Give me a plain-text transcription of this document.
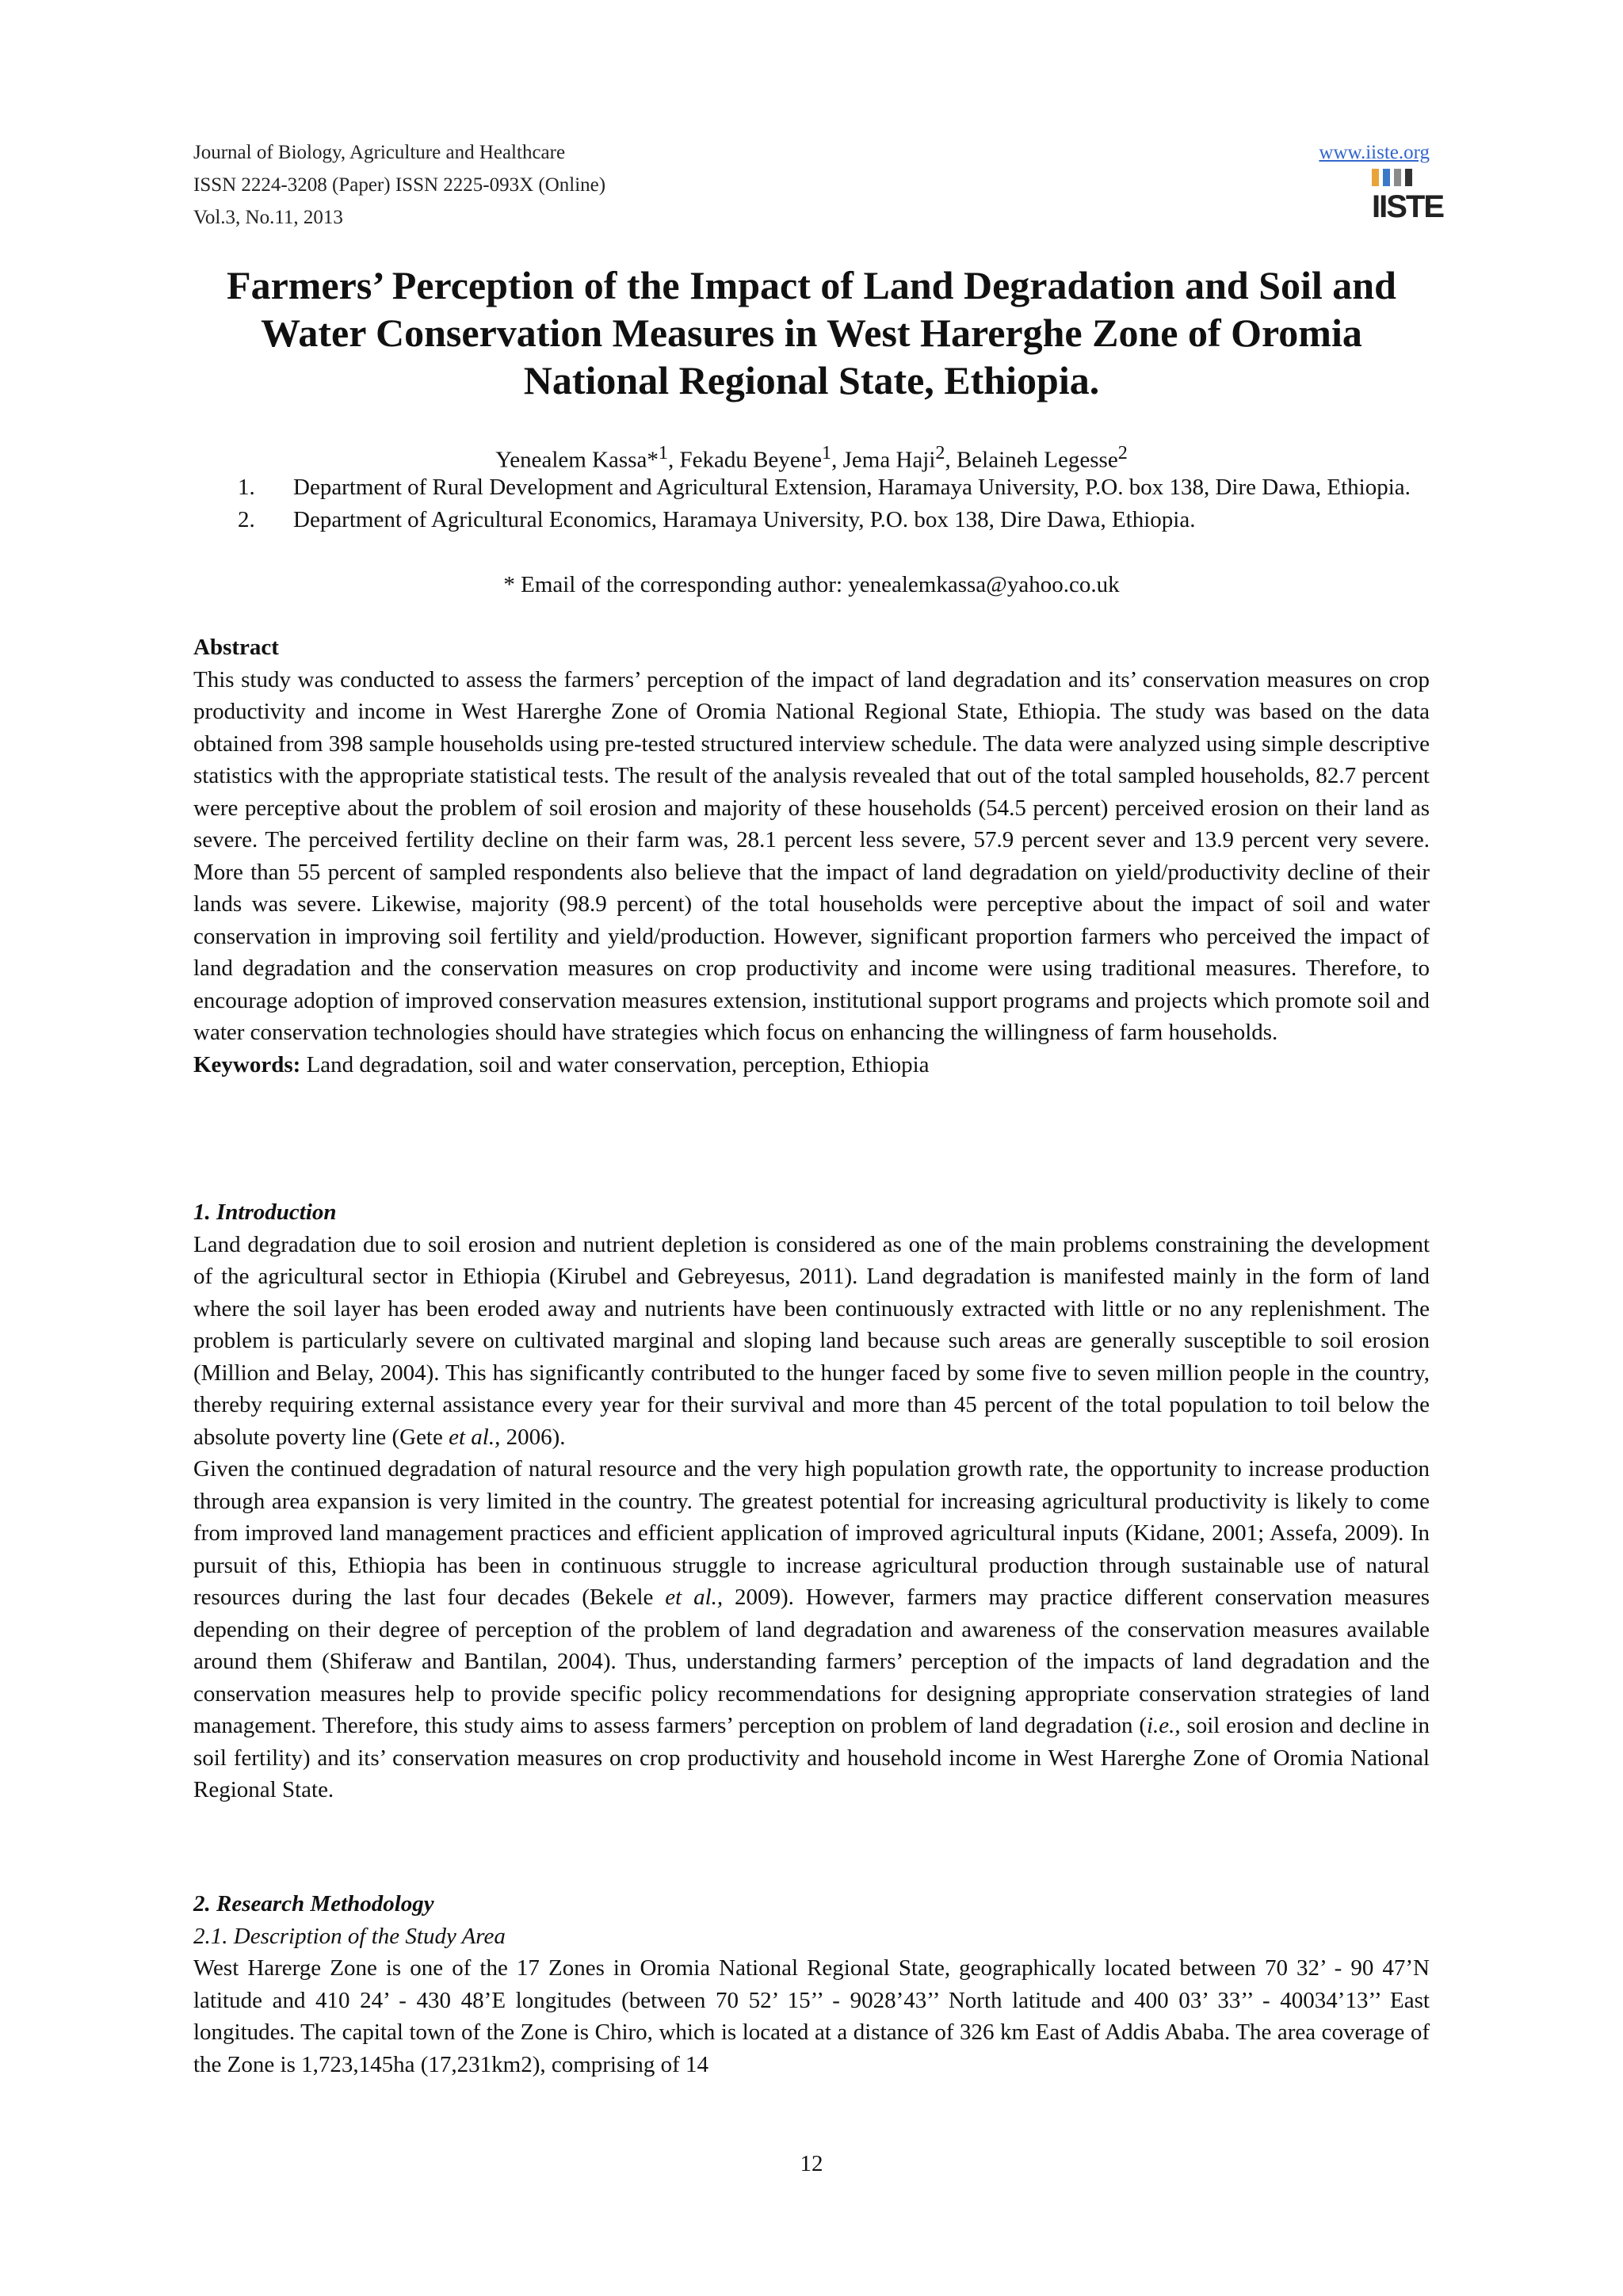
Journal of Biology, Agriculture and Healthcare
ISSN 2224-3208 (Paper) ISSN 2225-093X (Online)
Vol.3, No.11, 2013
www.iiste.org
IISTE
Farmers’ Perception of the Impact of Land Degradation and Soil and Water Conservation Measures in West Harerghe Zone of Oromia National Regional State, Ethiopia.
Yenealem Kassa*$^1$, Fekadu Beyene$^1$, Jema Haji$^2$, Belaineh Legesse$^2$
1.	Department of Rural Development and Agricultural Extension, Haramaya University, P.O. box 138, Dire Dawa, Ethiopia.
2.	Department of Agricultural Economics, Haramaya University, P.O. box 138, Dire Dawa, Ethiopia.
* Email of the corresponding author: yenealemkassa@yahoo.co.uk

Abstract

This study was conducted to assess the farmers’ perception of the impact of land degradation and its’ conservation measures on crop productivity and income in West Harerghe Zone of Oromia National Regional State, Ethiopia. The study was based on the data obtained from 398 sample households using pre-tested structured interview schedule. The data were analyzed using simple descriptive statistics with the appropriate statistical tests. The result of the analysis revealed that out of the total sampled households, 82.7 percent were perceptive about the problem of soil erosion and majority of these households (54.5 percent) perceived erosion on their land as severe. The perceived fertility decline on their farm was, 28.1 percent less severe, 57.9 percent sever and 13.9 percent very severe. More than 55 percent of sampled respondents also believe that the impact of land degradation on yield/productivity decline of their lands was severe. Likewise, majority (98.9 percent) of the total households were perceptive about the impact of soil and water conservation in improving soil fertility and yield/production. However, significant proportion farmers who perceived the impact of land degradation and the conservation measures on crop productivity and income were using traditional measures. Therefore, to encourage adoption of improved conservation measures extension, institutional support programs and projects which promote soil and water conservation technologies should have strategies which focus on enhancing the willingness of farm households.

Keywords: Land degradation, soil and water conservation, perception, Ethiopia

1. Introduction

Land degradation due to soil erosion and nutrient depletion is considered as one of the main problems constraining the development of the agricultural sector in Ethiopia (Kirubel and Gebreyesus, 2011). Land degradation is manifested mainly in the form of land where the soil layer has been eroded away and nutrients have been continuously extracted with little or no any replenishment. The problem is particularly severe on cultivated marginal and sloping land because such areas are generally susceptible to soil erosion (Million and Belay, 2004). This has significantly contributed to the hunger faced by some five to seven million people in the country, thereby requiring external assistance every year for their survival and more than 45 percent of the total population to toil below the absolute poverty line (Gete et al., 2006).

Given the continued degradation of natural resource and the very high population growth rate, the opportunity to increase production through area expansion is very limited in the country. The greatest potential for increasing agricultural productivity is likely to come from improved land management practices and efficient application of improved agricultural inputs (Kidane, 2001; Assefa, 2009). In pursuit of this, Ethiopia has been in continuous struggle to increase agricultural production through sustainable use of natural resources during the last four decades (Bekele et al., 2009). However, farmers may practice different conservation measures depending on their degree of perception of the problem of land degradation and awareness of the conservation measures available around them (Shiferaw and Bantilan, 2004). Thus, understanding farmers’ perception of the impacts of land degradation and the conservation measures help to provide specific policy recommendations for designing appropriate conservation strategies of land management. Therefore, this study aims to assess farmers’ perception on problem of land degradation (i.e., soil erosion and decline in soil fertility) and its’ conservation measures on crop productivity and household income in West Harerghe Zone of Oromia National Regional State.

2. Research Methodology

2.1. Description of the Study Area

West Harerge Zone is one of the 17 Zones in Oromia National Regional State, geographically located between 70 32’ - 90 47’N latitude and 410 24’ - 430 48’E longitudes (between 70 52’ 15’’ - 9028’43’’ North latitude and 400 03’ 33’’ - 40034’13’’ East longitudes. The capital town of the Zone is Chiro, which is located at a distance of 326 km East of Addis Ababa. The area coverage of the Zone is 1,723,145ha (17,231km2), comprising of 14

12
